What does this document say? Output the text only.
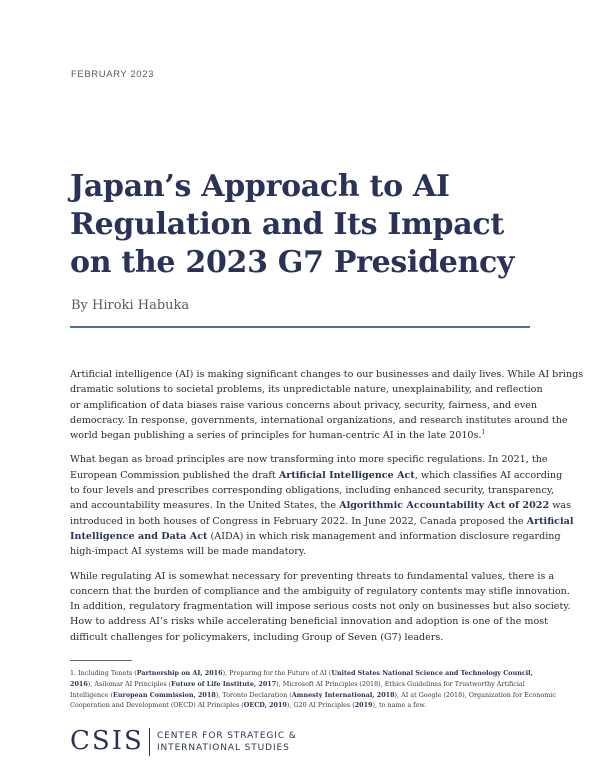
FEBRUARY 2023
Japan’s Approach to AI
Regulation and Its Impact
on the 2023 G7 Presidency
By Hiroki Habuka

Artificial intelligence (AI) is making significant changes to our businesses and daily lives. While AI brings
dramatic solutions to societal problems, its unpredictable nature, unexplainability, and reflection
or amplification of data biases raise various concerns about privacy, security, fairness, and even
democracy. In response, governments, international organizations, and research institutes around the
world began publishing a series of principles for human-centric AI in the late 2010s.$^1$

What began as broad principles are now transforming into more specific regulations. In 2021, the
European Commission published the draft Artificial Intelligence Act, which classifies AI according
to four levels and prescribes corresponding obligations, including enhanced security, transparency,
and accountability measures. In the United States, the Algorithmic Accountability Act of 2022 was
introduced in both houses of Congress in February 2022. In June 2022, Canada proposed the Artificial
Intelligence and Data Act (AIDA) in which risk management and information disclosure regarding
high-impact AI systems will be made mandatory.

While regulating AI is somewhat necessary for preventing threats to fundamental values, there is a
concern that the burden of compliance and the ambiguity of regulatory contents may stifle innovation.
In addition, regulatory fragmentation will impose serious costs not only on businesses but also society.
How to address AI’s risks while accelerating beneficial innovation and adoption is one of the most
difficult challenges for policymakers, including Group of Seven (G7) leaders.

1. Including Tenets (Partnership on AI, 2016), Preparing for the Future of AI (United States National Science and Technology Council,
2016), Asilomar AI Principles (Future of Life Institute, 2017), Microsoft AI Principles (2018), Ethics Guidelines for Trustworthy Artificial
Intelligence (European Commission, 2018), Toronto Declaration (Amnesty International, 2018), AI at Google (2018), Organization for Economic
Cooperation and Development (OECD) AI Principles (OECD, 2019), G20 AI Principles (2019), to name a few.
CSIS CENTER FOR STRATEGIC &
INTERNATIONAL STUDIES
